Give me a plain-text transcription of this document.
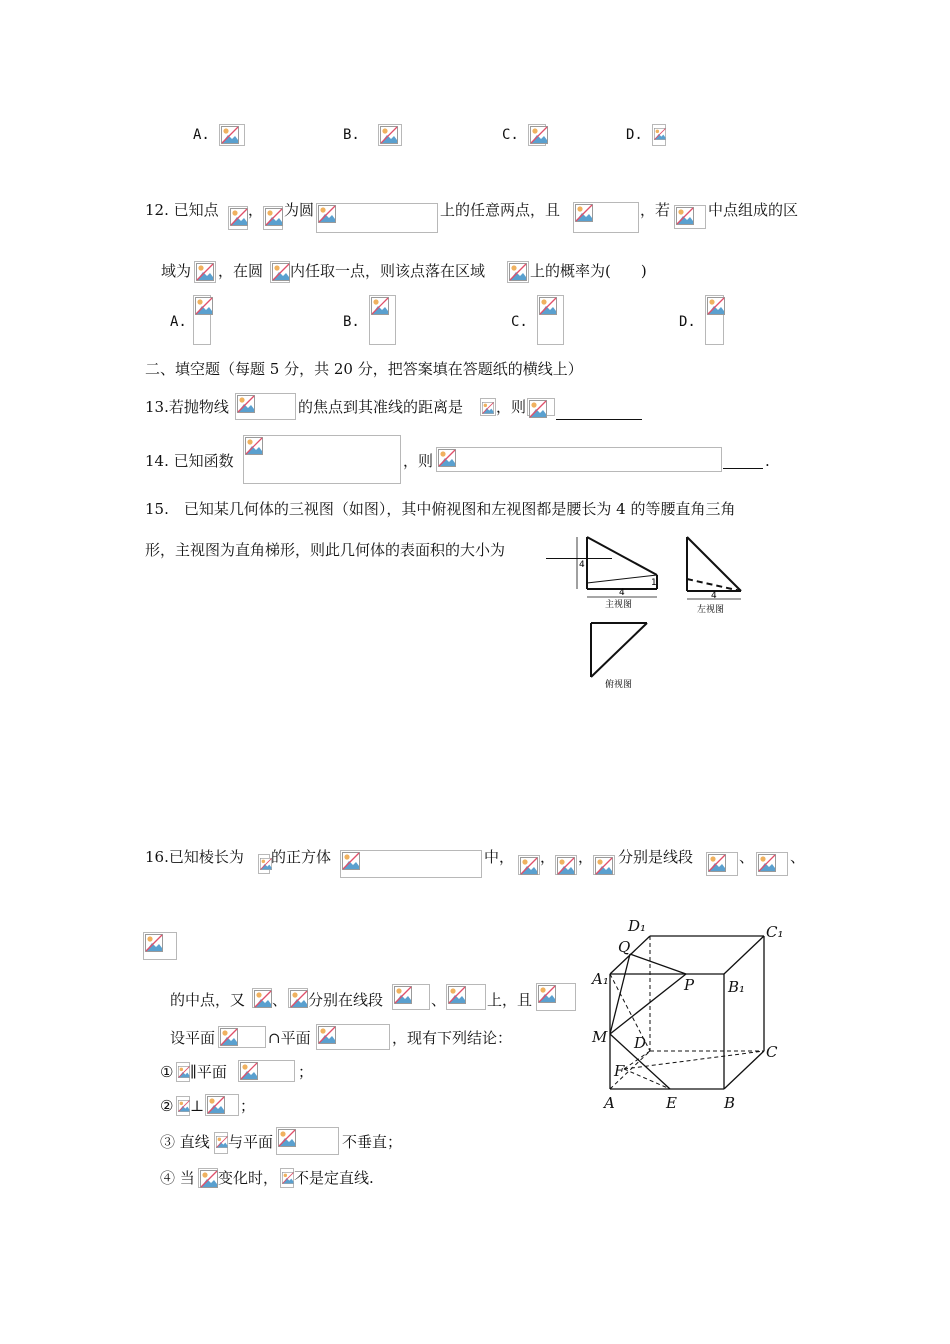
A.	B.	C.	D.
12. 已知点 ， 为圆	上的任意两点，且	，若	中点组成的区
域为 ，在圆 内任取一点，则该点落在区域	上的概率为(　　)
A.	B.	C.	D.
二、填空题（每题 5 分，共 20 分，把答案填在答题纸的横线上）
13.若抛物线	的焦点到其准线的距离是 ，则
14. 已知函数	，则	.
15.　已知某几何体的三视图（如图），其中俯视图和左视图都是腰长为 4 的等腰直角三角
形，主视图为直角梯形，则此几何体的表面积的大小为
4
4
1
主视图
4
左视图
俯视图
16.已知棱长为 的正方体	中， ， ， 分别是线段	、 、
的中点，又 、 分别在线段	、	上，且
设平面	∩平面	，现有下列结论：
① ∥平面	；
② ⊥ ；
③ 直线 与平面	不垂直；
④ 当 变化时， 不是定直线.
D₁	C₁
Q
A₁	B₁
P
M D	C
F
A	E	B
